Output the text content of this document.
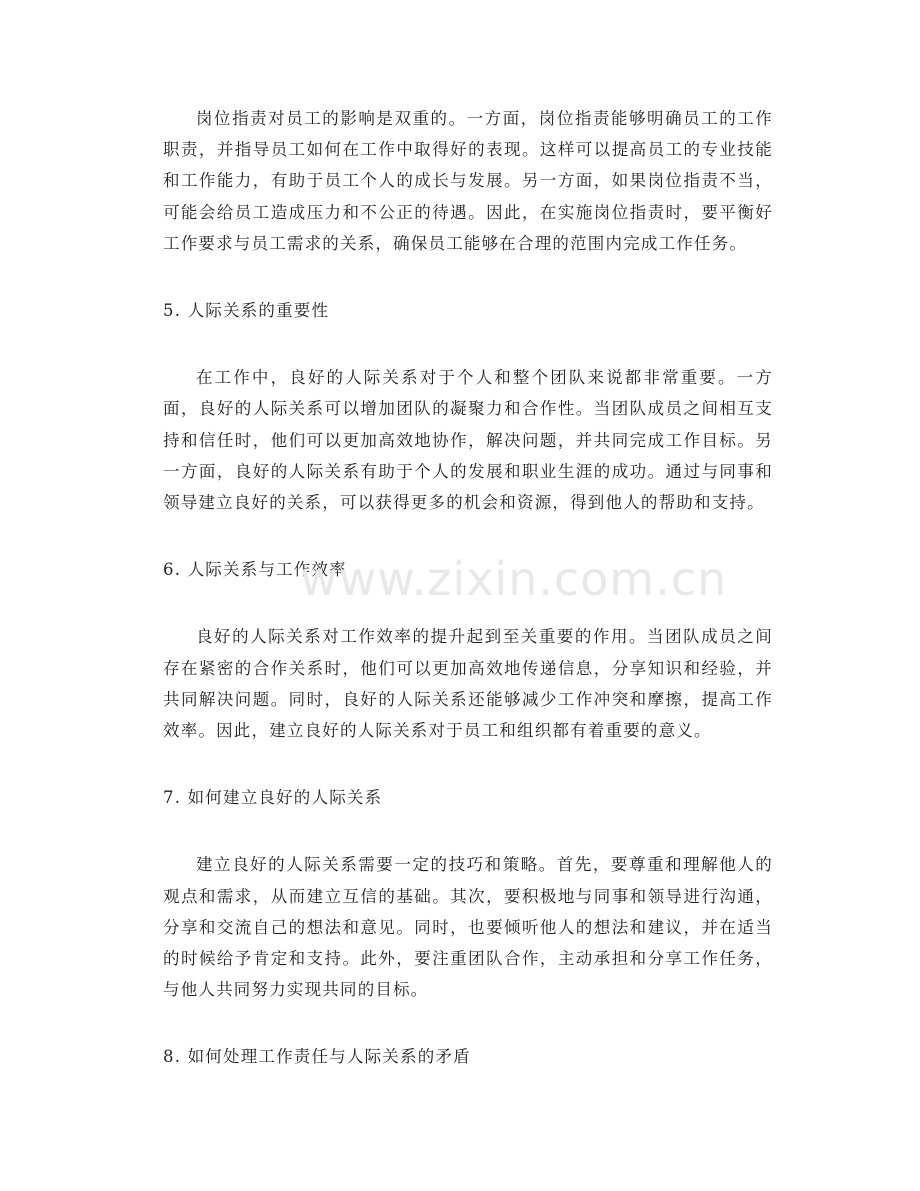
岗位指责对员工的影响是双重的。一方面，岗位指责能够明确员工的工作职责，并指导员工如何在工作中取得好的表现。这样可以提高员工的专业技能和工作能力，有助于员工个人的成长与发展。另一方面，如果岗位指责不当，可能会给员工造成压力和不公正的待遇。因此，在实施岗位指责时，要平衡好工作要求与员工需求的关系，确保员工能够在合理的范围内完成工作任务。

5. 人际关系的重要性

在工作中，良好的人际关系对于个人和整个团队来说都非常重要。一方面，良好的人际关系可以增加团队的凝聚力和合作性。当团队成员之间相互支持和信任时，他们可以更加高效地协作，解决问题，并共同完成工作目标。另一方面，良好的人际关系有助于个人的发展和职业生涯的成功。通过与同事和领导建立良好的关系，可以获得更多的机会和资源，得到他人的帮助和支持。

6. 人际关系与工作效率

良好的人际关系对工作效率的提升起到至关重要的作用。当团队成员之间存在紧密的合作关系时，他们可以更加高效地传递信息，分享知识和经验，并共同解决问题。同时，良好的人际关系还能够减少工作冲突和摩擦，提高工作效率。因此，建立良好的人际关系对于员工和组织都有着重要的意义。

7. 如何建立良好的人际关系

建立良好的人际关系需要一定的技巧和策略。首先，要尊重和理解他人的观点和需求，从而建立互信的基础。其次，要积极地与同事和领导进行沟通，分享和交流自己的想法和意见。同时，也要倾听他人的想法和建议，并在适当的时候给予肯定和支持。此外，要注重团队合作，主动承担和分享工作任务，与他人共同努力实现共同的目标。

8. 如何处理工作责任与人际关系的矛盾

www.zixin.com.cn
